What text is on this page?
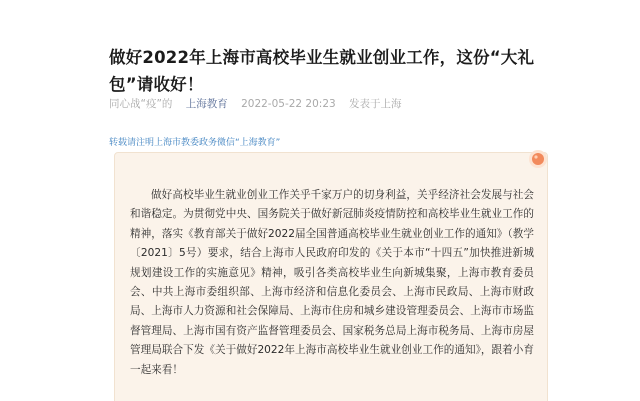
做好2022年上海市高校毕业生就业创业工作，这份“大礼包”请收好！
同心战“疫”的 上海教育 2022-05-22 20:23 发表于上海
转载请注明上海市教委政务微信“上海教育”

做好高校毕业生就业创业工作关乎千家万户的切身利益，关乎经济社会发展与社会和谐稳定。为贯彻党中央、国务院关于做好新冠肺炎疫情防控和高校毕业生就业工作的精神，落实《教育部关于做好2022届全国普通高校毕业生就业创业工作的通知》（教学〔2021〕5号）要求，结合上海市人民政府印发的《关于本市“十四五”加快推进新城规划建设工作的实施意见》精神，吸引各类高校毕业生向新城集聚，上海市教育委员会、中共上海市委组织部、上海市经济和信息化委员会、上海市民政局、上海市财政局、上海市人力资源和社会保障局、上海市住房和城乡建设管理委员会、上海市市场监督管理局、上海市国有资产监督管理委员会、国家税务总局上海市税务局、上海市房屋管理局联合下发《关于做好2022年上海市高校毕业生就业创业工作的通知》，跟着小育一起来看！
